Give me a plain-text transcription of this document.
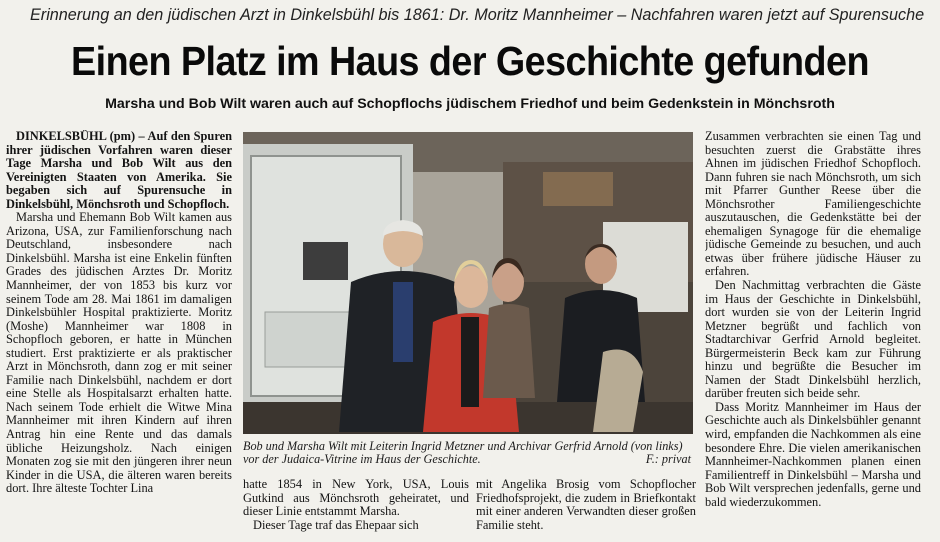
Erinnerung an den jüdischen Arzt in Dinkelsbühl bis 1861: Dr. Moritz Mannheimer – Nachfahren waren jetzt auf Spurensuche
Einen Platz im Haus der Geschichte gefunden
Marsha und Bob Wilt waren auch auf Schopflochs jüdischem Friedhof und beim Gedenkstein in Mönchsroth

DINKELSBÜHL (pm) – Auf den Spuren ihrer jüdischen Vorfahren waren dieser Tage Marsha und Bob Wilt aus den Vereinigten Staaten von Amerika. Sie begaben sich auf Spurensuche in Dinkelsbühl, Mönchsroth und Schopfloch.

Marsha und Ehemann Bob Wilt kamen aus Arizona, USA, zur Familienforschung nach Deutschland, insbesondere nach Dinkelsbühl. Marsha ist eine Enkelin fünften Grades des jüdischen Arztes Dr. Moritz Mannheimer, der von 1853 bis kurz vor seinem Tode am 28. Mai 1861 im damaligen Dinkelsbühler Hospital praktizierte. Moritz (Moshe) Mannheimer war 1808 in Schopfloch geboren, er hatte in München studiert. Erst praktizierte er als praktischer Arzt in Mönchsroth, dann zog er mit seiner Familie nach Dinkelsbühl, nachdem er dort eine Stelle als Hospitalsarzt erhalten hatte. Nach seinem Tode erhielt die Witwe Mina Mannheimer mit ihren Kindern auf ihren Antrag hin eine Rente und das damals übliche Heizungsholz. Nach einigen Monaten zog sie mit den jüngeren ihrer neun Kinder in die USA, die älteren waren bereits dort. Ihre älteste Tochter Lina

Bob und Marsha Wilt mit Leiterin Ingrid Metzner und Archivar Gerfrid Arnold (von links) vor der Judaica-Vitrine im Haus der Geschichte.	F.: privat

hatte 1854 in New York, USA, Louis Gutkind aus Mönchsroth geheiratet, und dieser Linie entstammt Marsha.

Dieser Tage traf das Ehepaar sich

mit Angelika Brosig vom Schopflocher Friedhofsprojekt, die zudem in Briefkontakt mit einer anderen Verwandten dieser großen Familie steht.

Zusammen verbrachten sie einen Tag und besuchten zuerst die Grabstätte ihres Ahnen im jüdischen Friedhof Schopfloch. Dann fuhren sie nach Mönchsroth, um sich mit Pfarrer Gunther Reese über die Mönchsrother Familiengeschichte auszutauschen, die Gedenkstätte bei der ehemaligen Synagoge für die ehemalige jüdische Gemeinde zu besuchen, und auch etwas über frühere jüdische Häuser zu erfahren.

Den Nachmittag verbrachten die Gäste im Haus der Geschichte in Dinkelsbühl, dort wurden sie von der Leiterin Ingrid Metzner begrüßt und fachlich von Stadtarchivar Gerfrid Arnold begleitet. Bürgermeisterin Beck kam zur Führung hinzu und begrüßte die Besucher im Namen der Stadt Dinkelsbühl herzlich, darüber freuten sich beide sehr.

Dass Moritz Mannheimer im Haus der Geschichte auch als Dinkelsbühler genannt wird, empfanden die Nachkommen als eine besondere Ehre. Die vielen amerikanischen Mannheimer-Nachkommen planen einen Familientreff in Dinkelsbühl – Marsha und Bob Wilt versprechen jedenfalls, gerne und bald wiederzukommen.
